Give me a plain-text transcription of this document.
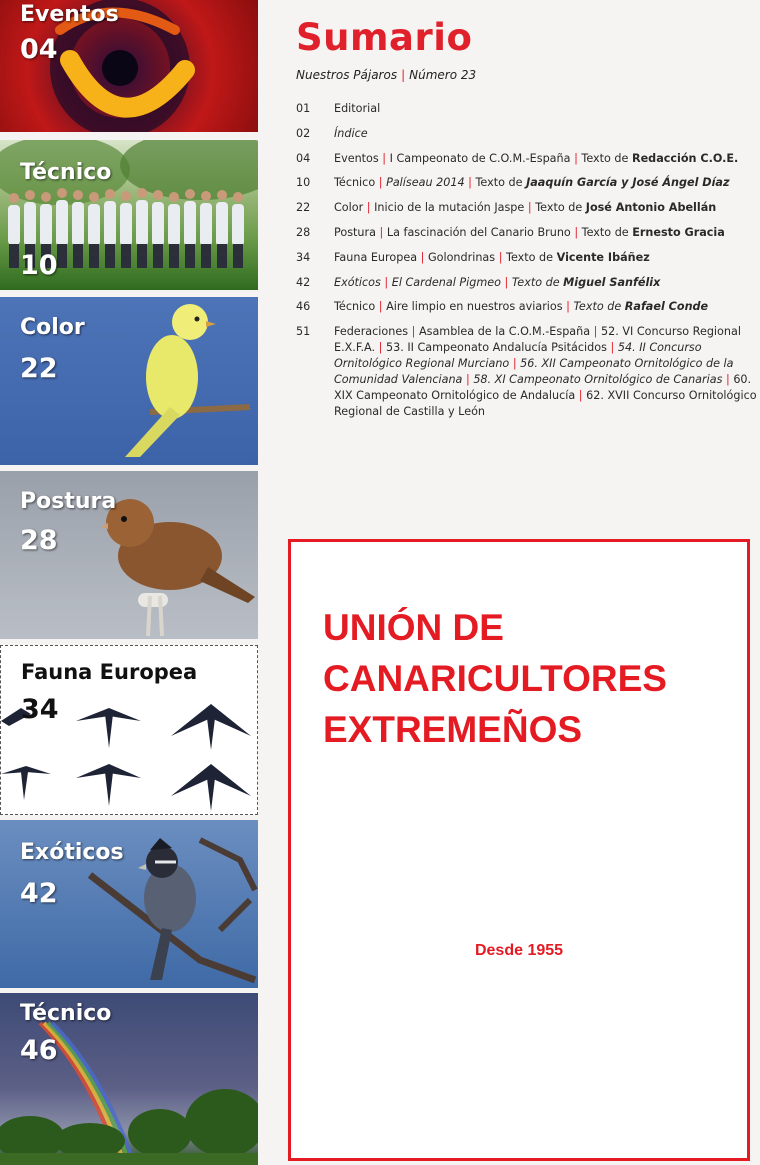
Eventos
04
Técnico
10
Color
22
Postura
28
Fauna Europea
34
Exóticos
42
Técnico
46
Sumario
Nuestros Pájaros | Número 23
01	Editorial
02	Índice
04	Eventos | I Campeonato de C.O.M.-España | Texto de Redacción C.O.E.
10	Técnico | Palíseau 2014 | Texto de Jaaquín García y José Ángel Díaz
22	Color | Inicio de la mutación Jaspe | Texto de José Antonio Abellán
28	Postura | La fascinación del Canario Bruno | Texto de Ernesto Gracia
34	Fauna Europea | Golondrinas | Texto de Vicente Ibáñez
42	Exóticos | El Cardenal Pigmeo | Texto de Miguel Sanfélix
46	Técnico | Aire limpio en nuestros aviarios | Texto de Rafael Conde
51	Federaciones | Asamblea de la C.O.M.-España | 52. VI Concurso Regional E.X.F.A. | 53. II Campeonato Andalucía Psitácidos | 54. II Concurso Ornitológico Regional Murciano | 56. XII Campeonato Ornitológico de la Comunidad Valenciana | 58. XI Campeonato Ornitológico de Canarias | 60. XIX Campeonato Ornitológico de Andalucía | 62. XVII Concurso Ornitológico Regional de Castilla y León
UNIÓN DE
CANARICULTORES
EXTREMEÑOS
Desde 1955
